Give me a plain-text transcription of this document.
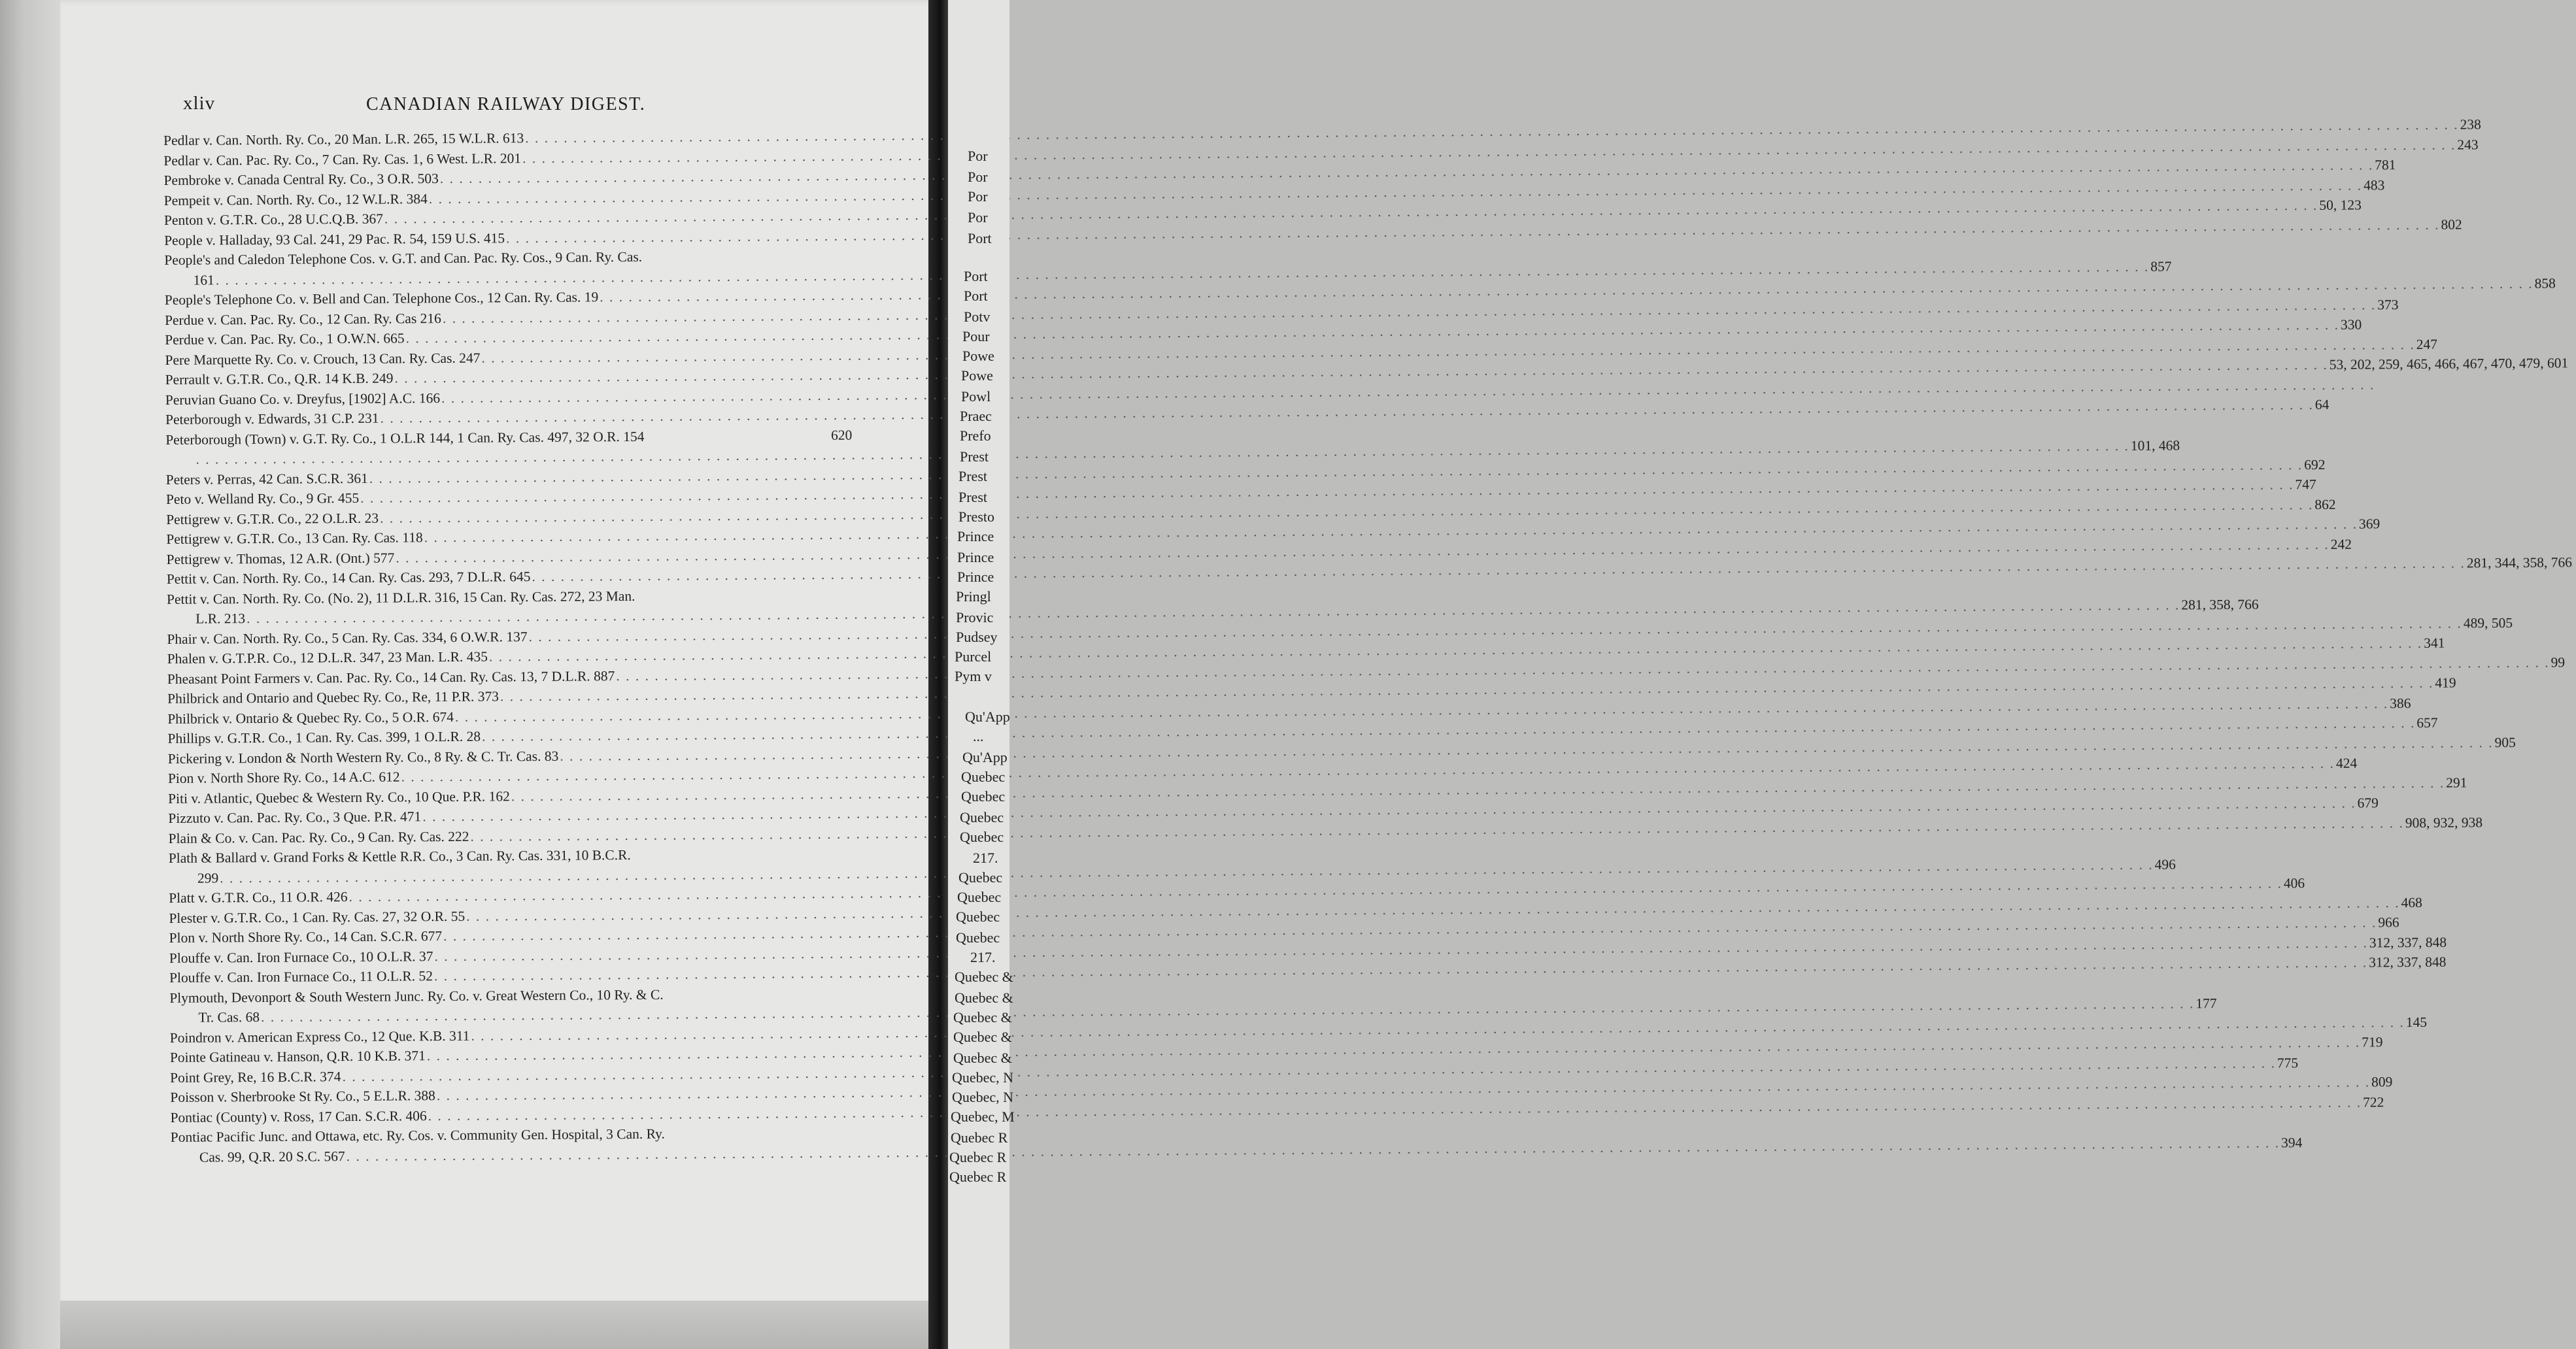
xliv	CANADIAN RAILWAY DIGEST.
Pedlar v. Can. North. Ry. Co., 20 Man. L.R. 265, 15 W.L.R. 613
. . .
238
Pedlar v. Can. Pac. Ry. Co., 7 Can. Ry. Cas. 1, 6 West. L.R. 201
. . .
243
Pembroke v. Canada Central Ry. Co., 3 O.R. 503
. . .
781
Pempeit v. Can. North. Ry. Co., 12 W.L.R. 384
. . .
483
Penton v. G.T.R. Co., 28 U.C.Q.B. 367
. . .
50, 123
People v. Halladay, 93 Cal. 241, 29 Pac. R. 54, 159 U.S. 415
. . .
802
People's and Caledon Telephone Cos. v. G.T. and Can. Pac. Ry. Cos., 9 Can. Ry. Cas.
161
. . .
857
People's Telephone Co. v. Bell and Can. Telephone Cos., 12 Can. Ry. Cas. 19
. . .
858
Perdue v. Can. Pac. Ry. Co., 12 Can. Ry. Cas 216
. . .
373
Perdue v. Can. Pac. Ry. Co., 1 O.W.N. 665
. . .
330
Pere Marquette Ry. Co. v. Crouch, 13 Can. Ry. Cas. 247
. . .
247
Perrault v. G.T.R. Co., Q.R. 14 K.B. 249
. . .
53, 202, 259, 465, 466, 467, 470, 479, 601
Peruvian Guano Co. v. Dreyfus, [1902] A.C. 166
. . .
Peterborough v. Edwards, 31 C.P. 231
. . .
64
Peterborough (Town) v. G.T. Ry. Co., 1 O.L.R 144, 1 Can. Ry. Cas. 497, 32 O.R. 154	620
. . .
101, 468
Peters v. Perras, 42 Can. S.C.R. 361
. . .
692
Peto v. Welland Ry. Co., 9 Gr. 455
. . .
747
Pettigrew v. G.T.R. Co., 22 O.L.R. 23
. . .
862
Pettigrew v. G.T.R. Co., 13 Can. Ry. Cas. 118
. . .
369
Pettigrew v. Thomas, 12 A.R. (Ont.) 577
. . .
242
Pettit v. Can. North. Ry. Co., 14 Can. Ry. Cas. 293, 7 D.L.R. 645
. . .
281, 344, 358, 766
Pettit v. Can. North. Ry. Co. (No. 2), 11 D.L.R. 316, 15 Can. Ry. Cas. 272, 23 Man.
L.R. 213
. . .
281, 358, 766
Phair v. Can. North. Ry. Co., 5 Can. Ry. Cas. 334, 6 O.W.R. 137
. . .
489, 505
Phalen v. G.T.P.R. Co., 12 D.L.R. 347, 23 Man. L.R. 435
. . .
341
Pheasant Point Farmers v. Can. Pac. Ry. Co., 14 Can. Ry. Cas. 13, 7 D.L.R. 887
. . .
99
Philbrick and Ontario and Quebec Ry. Co., Re, 11 P.R. 373
. . .
419
Philbrick v. Ontario & Quebec Ry. Co., 5 O.R. 674
. . .
386
Phillips v. G.T.R. Co., 1 Can. Ry. Cas. 399, 1 O.L.R. 28
. . .
657
Pickering v. London & North Western Ry. Co., 8 Ry. & C. Tr. Cas. 83
. . .
905
Pion v. North Shore Ry. Co., 14 A.C. 612
. . .
424
Piti v. Atlantic, Quebec & Western Ry. Co., 10 Que. P.R. 162
. . .
291
Pizzuto v. Can. Pac. Ry. Co., 3 Que. P.R. 471
. . .
679
Plain & Co. v. Can. Pac. Ry. Co., 9 Can. Ry. Cas. 222
. . .
908, 932, 938
Plath & Ballard v. Grand Forks & Kettle R.R. Co., 3 Can. Ry. Cas. 331, 10 B.C.R.
299
. . .
496
Platt v. G.T.R. Co., 11 O.R. 426
. . .
406
Plester v. G.T.R. Co., 1 Can. Ry. Cas. 27, 32 O.R. 55
. . .
468
Plon v. North Shore Ry. Co., 14 Can. S.C.R. 677
. . .
966
Plouffe v. Can. Iron Furnace Co., 10 O.L.R. 37
. . .
312, 337, 848
Plouffe v. Can. Iron Furnace Co., 11 O.L.R. 52
. . .
312, 337, 848
Plymouth, Devonport & South Western Junc. Ry. Co. v. Great Western Co., 10 Ry. & C.
Tr. Cas. 68
. . .
177
Poindron v. American Express Co., 12 Que. K.B. 311
. . .
145
Pointe Gatineau v. Hanson, Q.R. 10 K.B. 371
. . .
719
Point Grey, Re, 16 B.C.R. 374
. . .
775
Poisson v. Sherbrooke St Ry. Co., 5 E.L.R. 388
. . .
809
Pontiac (County) v. Ross, 17 Can. S.C.R. 406
. . .
722
Pontiac Pacific Junc. and Ottawa, etc. Ry. Cos. v. Community Gen. Hospital, 3 Can. Ry.
Cas. 99, Q.R. 20 S.C. 567
. . .
394
Por
Por
Por
Por
Port
Port
Port
Potv
Pour
Powe
Powe
Powl
Praec
Prefo
Prest
Prest
Prest
Presto
Prince
Prince
Prince
Pringl
Provic
Pudsey
Purcel
Pym v
Qu'App
...
Qu'App
Quebec
Quebec
Quebec
Quebec
217.
Quebec
Quebec
Quebec
Quebec
217.
Quebec &
Quebec &
Quebec &
Quebec &
Quebec &
Quebec, N
Quebec, N
Quebec, M
Quebec R
Quebec R
Quebec R
